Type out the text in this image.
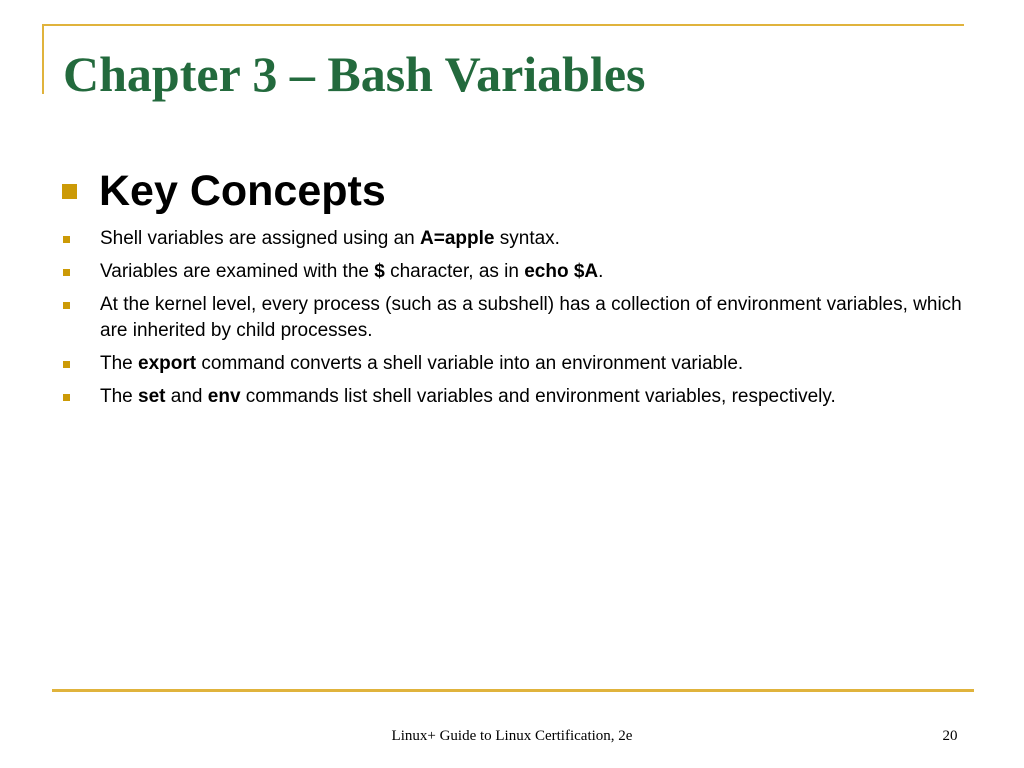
Chapter 3 – Bash Variables
Key Concepts
Shell variables are assigned using an A=apple syntax.
Variables are examined with the $ character, as in echo $A.
At the kernel level, every process (such as a subshell) has a collection of environment variables, which are inherited by child processes.
The export command converts a shell variable into an environment variable.
The set and env commands list shell variables and environment variables, respectively.
Linux+ Guide to Linux Certification, 2e	20
